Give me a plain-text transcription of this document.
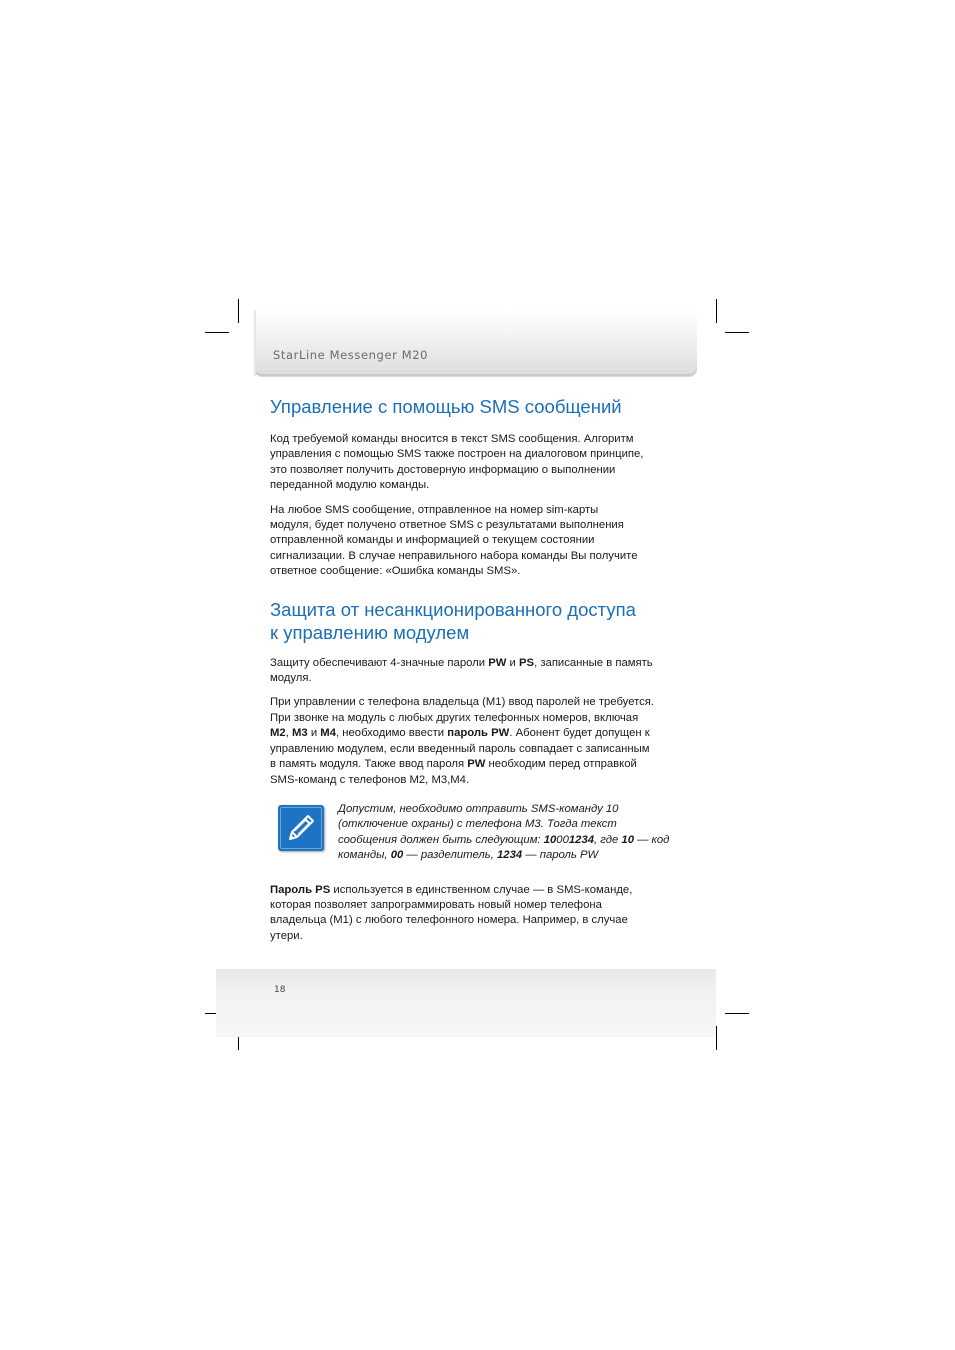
StarLine Messenger M20
18
Управление с помощью SMS сообщений

Код требуемой команды вносится в текст SMS сообщения. Алгоритм
управления с помощью SMS также построен на диалоговом принципе,
это позволяет получить достоверную информацию о выполнении
переданной модулю команды.

На любое SMS сообщение, отправленное на номер sim-карты
модуля, будет получено ответное SMS с результатами выполнения
отправленной команды и информацией о текущем состоянии
сигнализации. В случае неправильного набора команды Вы получите
ответное сообщение: «Ошибка команды SMS».

Защита от несанкционированного доступа
к управлению модулем

Защиту обеспечивают 4-значные пароли PW и PS, записанные в память
модуля.

При управлении с телефона владельца (M1) ввод паролей не требуется.
При звонке на модуль с любых других телефонных номеров, включая
M2, M3 и M4, необходимо ввести пароль PW. Абонент будет допущен к
управлению модулем, если введенный пароль совпадает с записанным
в память модуля. Также ввод пароля PW необходим перед отправкой
SMS-команд с телефонов M2, M3,M4.

Допустим, необходимо отправить SMS-команду 10
(отключение охраны) с телефона M3. Тогда текст
сообщения должен быть следующим: 10001234, где 10 — код
команды, 00 — разделитель, 1234 — пароль PW

Пароль PS используется в единственном случае — в SMS-команде,
которая позволяет запрограммировать новый номер телефона
владельца (M1) с любого телефонного номера. Например, в случае
утери.
